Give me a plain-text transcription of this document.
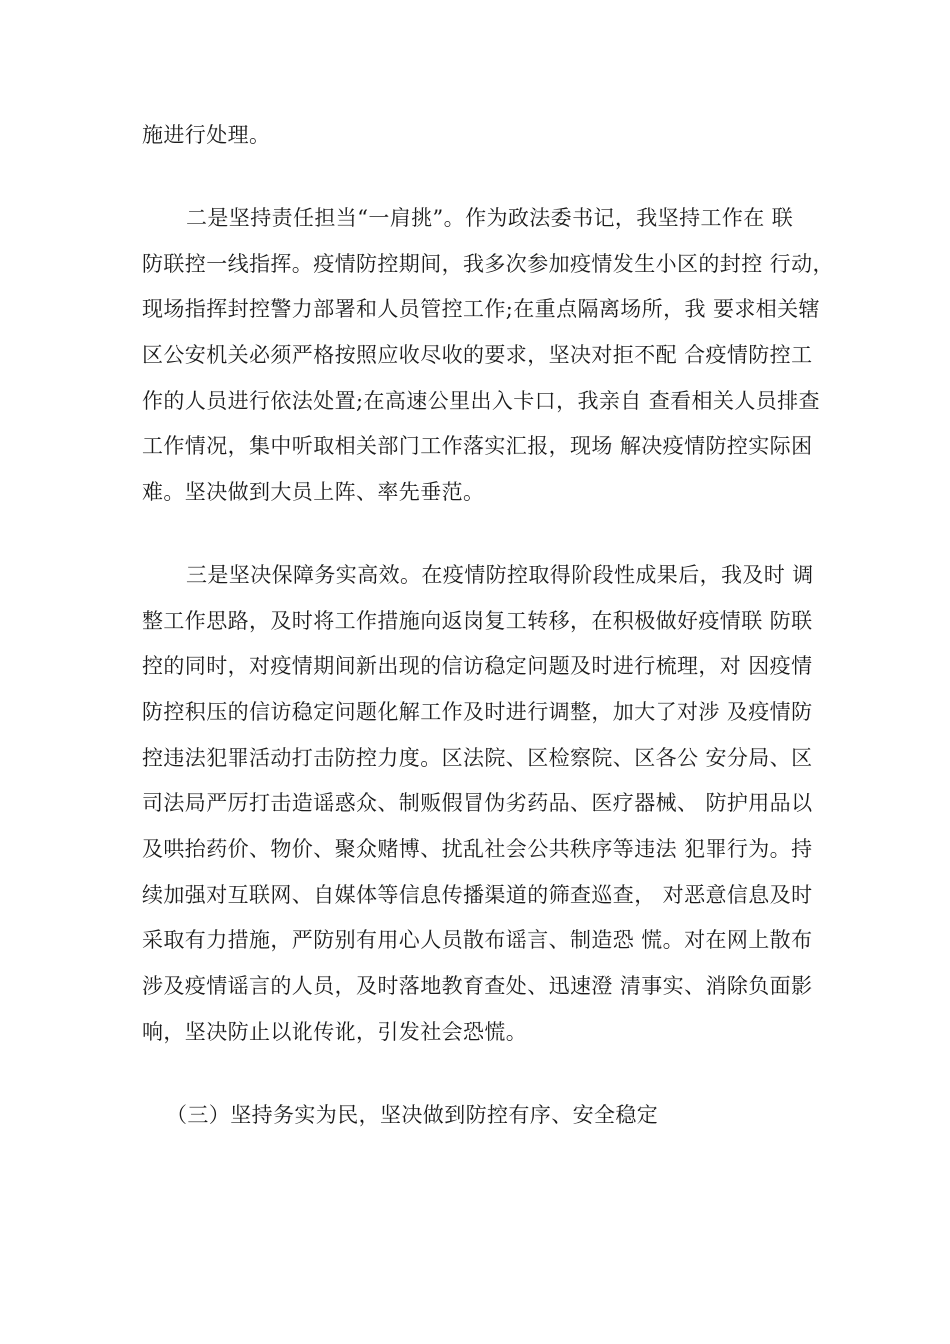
施进行处理。
二是坚持责任担当“一肩挑”。作为政法委书记，我坚持工作在 联
防联控一线指挥。疫情防控期间，我多次参加疫情发生小区的封控 行动，
现场指挥封控警力部署和人员管控工作;在重点隔离场所，我 要求相关辖
区公安机关必须严格按照应收尽收的要求，坚决对拒不配 合疫情防控工
作的人员进行依法处置;在高速公里出入卡口，我亲自 查看相关人员排查
工作情况，集中听取相关部门工作落实汇报，现场 解决疫情防控实际困
难。坚决做到大员上阵、率先垂范。
三是坚决保障务实高效。在疫情防控取得阶段性成果后，我及时 调
整工作思路，及时将工作措施向返岗复工转移，在积极做好疫情联 防联
控的同时，对疫情期间新出现的信访稳定问题及时进行梳理，对 因疫情
防控积压的信访稳定问题化解工作及时进行调整，加大了对涉 及疫情防
控违法犯罪活动打击防控力度。区法院、区检察院、区各公 安分局、区
司法局严厉打击造谣惑众、制贩假冒伪劣药品、医疗器械、 防护用品以
及哄抬药价、物价、聚众赌博、扰乱社会公共秩序等违法 犯罪行为。持
续加强对互联网、自媒体等信息传播渠道的筛查巡查， 对恶意信息及时
采取有力措施，严防别有用心人员散布谣言、制造恐 慌。对在网上散布
涉及疫情谣言的人员，及时落地教育查处、迅速澄 清事实、消除负面影
响，坚决防止以讹传讹，引发社会恐慌。
（三）坚持务实为民，坚决做到防控有序、安全稳定
